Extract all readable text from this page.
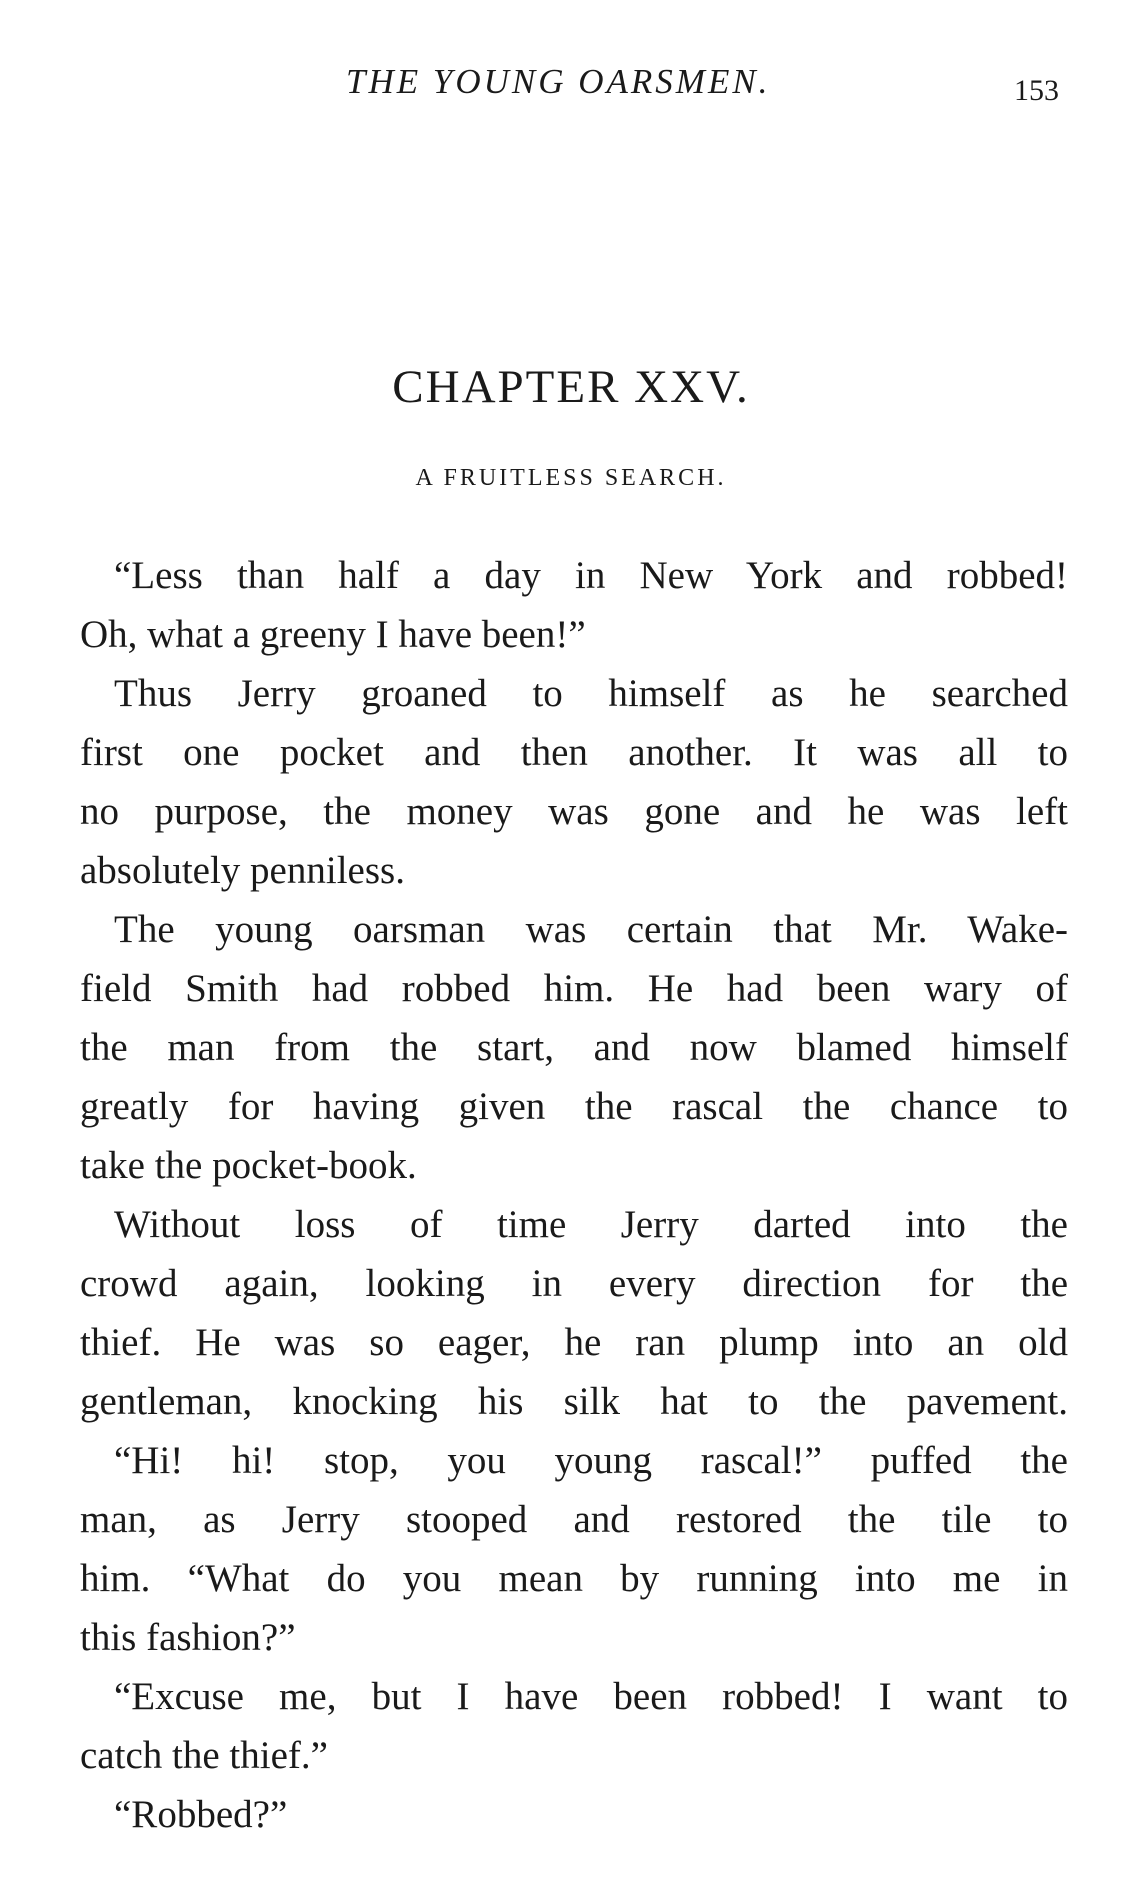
THE YOUNG OARSMEN.	153
CHAPTER XXV.
A FRUITLESS SEARCH.
“Less than half a day in New York and robbed!
Oh, what a greeny I have been!”
Thus Jerry groaned to himself as he searched
first one pocket and then another. It was all to
no purpose, the money was gone and he was left
absolutely penniless.
The young oarsman was certain that Mr. Wake-
field Smith had robbed him. He had been wary of
the man from the start, and now blamed himself
greatly for having given the rascal the chance to
take the pocket-book.
Without loss of time Jerry darted into the
crowd again, looking in every direction for the
thief. He was so eager, he ran plump into an old
gentleman, knocking his silk hat to the pavement.
“Hi! hi! stop, you young rascal!” puffed the
man, as Jerry stooped and restored the tile to
him. “What do you mean by running into me in
this fashion?”
“Excuse me, but I have been robbed! I want to
catch the thief.”
“Robbed?”
